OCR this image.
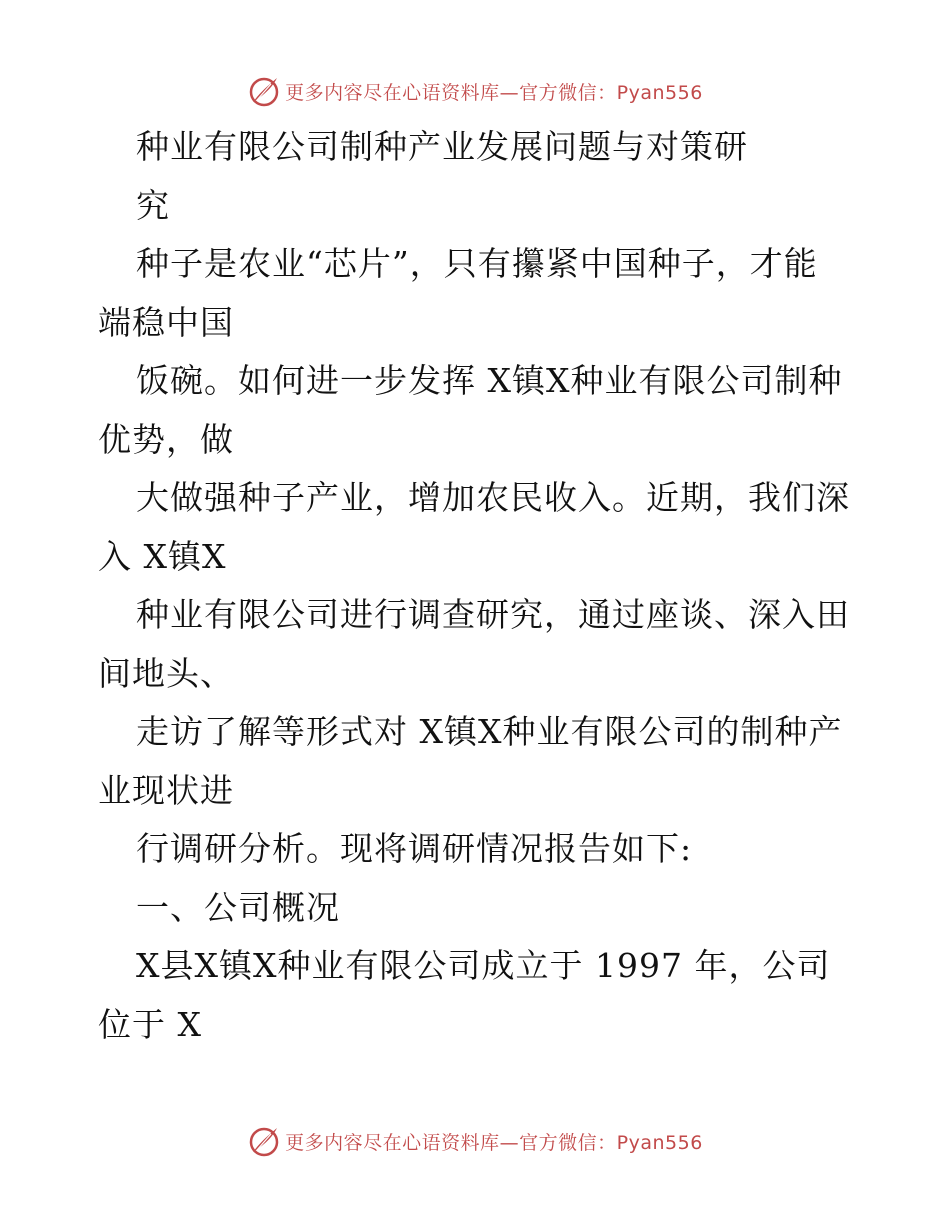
更多内容尽在心语资料库—官方微信：Pyan556
种业有限公司制种产业发展问题与对策研
究
种子是农业“芯片”，只有攥紧中国种子，才能
端稳中国
饭碗。如何进一步发挥 X镇X种业有限公司制种
优势，做
大做强种子产业，增加农民收入。近期，我们深
入 X镇X
种业有限公司进行调查研究，通过座谈、深入田
间地头、
走访了解等形式对 X镇X种业有限公司的制种产
业现状进
行调研分析。现将调研情况报告如下:
一、公司概况
X县X镇X种业有限公司成立于 1997 年，公司
位于 X
更多内容尽在心语资料库—官方微信：Pyan556
